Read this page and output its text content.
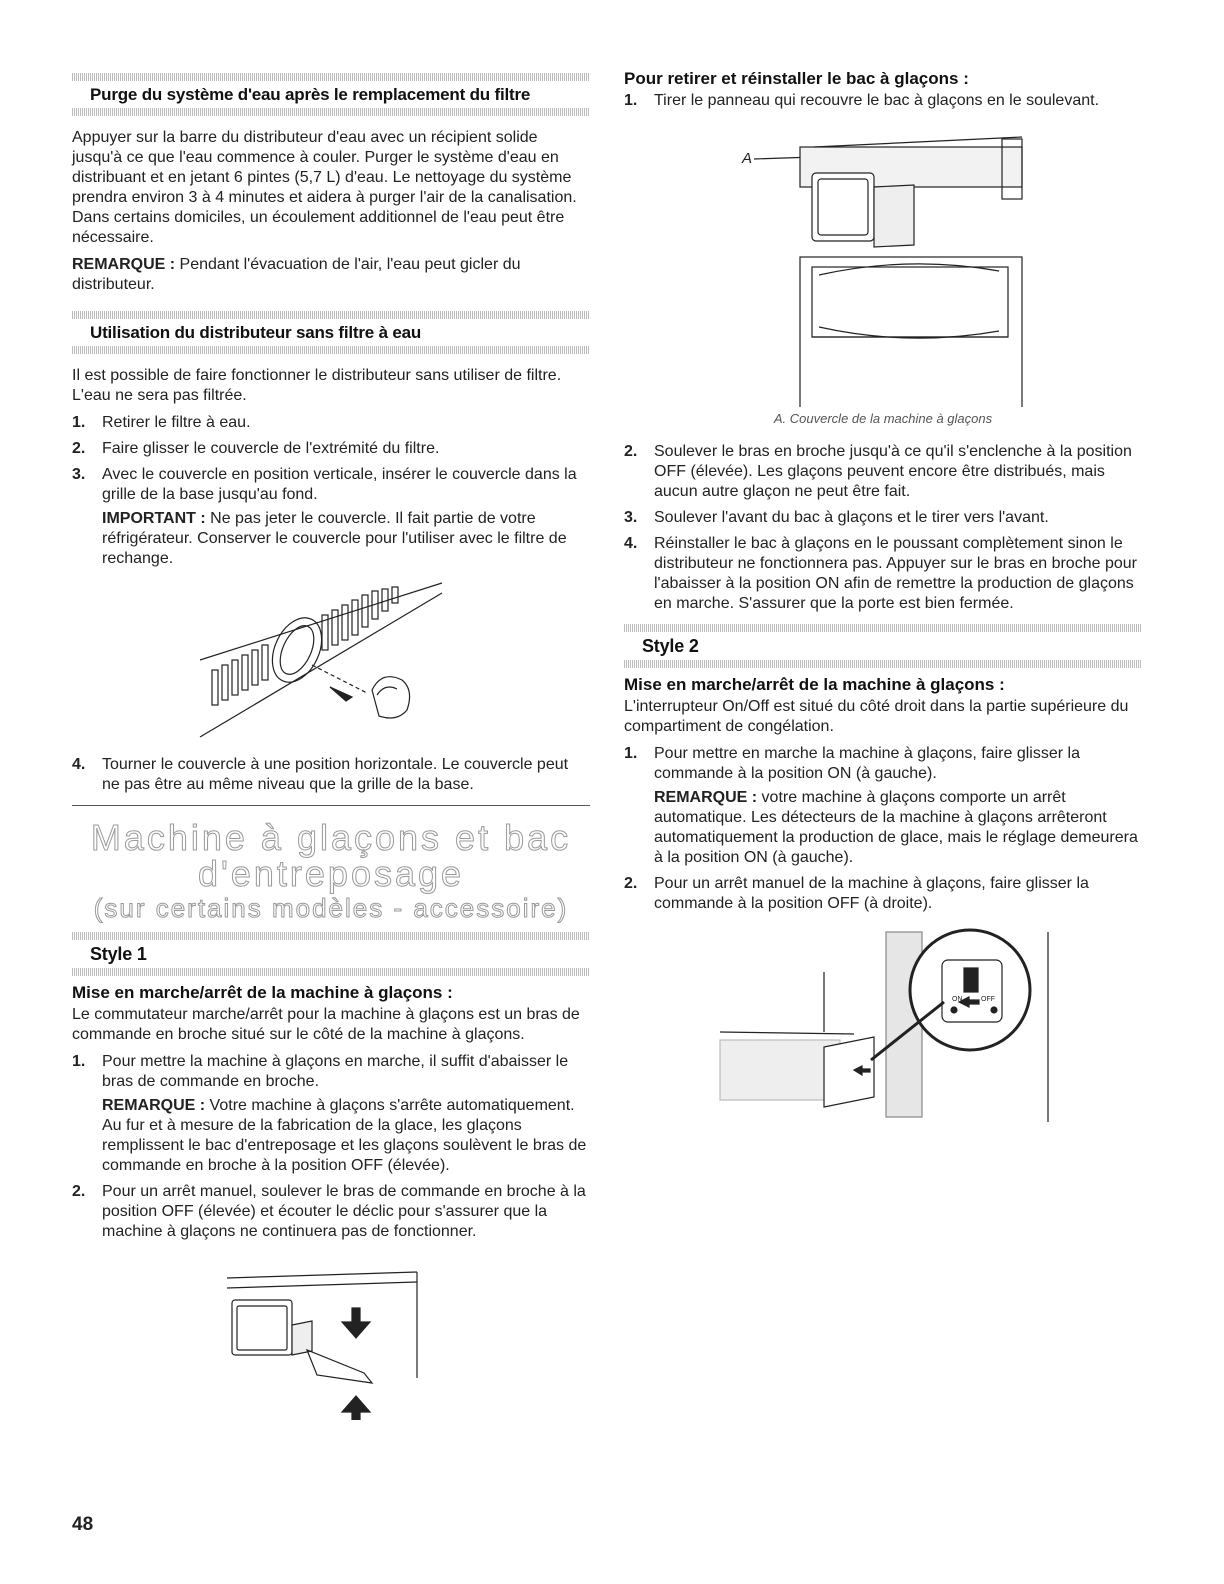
Purge du système d'eau après le remplacement du filtre

Appuyer sur la barre du distributeur d'eau avec un récipient solide jusqu'à ce que l'eau commence à couler. Purger le système d'eau en distribuant et en jetant 6 pintes (5,7 L) d'eau. Le nettoyage du système prendra environ 3 à 4 minutes et aidera à purger l'air de la canalisation. Dans certains domiciles, un écoulement additionnel de l'eau peut être nécessaire.

REMARQUE : Pendant l'évacuation de l'air, l'eau peut gicler du distributeur.

Utilisation du distributeur sans filtre à eau

Il est possible de faire fonctionner le distributeur sans utiliser de filtre. L'eau ne sera pas filtrée.

1. Retirer le filtre à eau.
2. Faire glisser le couvercle de l'extrémité du filtre.
3. Avec le couvercle en position verticale, insérer le couvercle dans la grille de la base jusqu'au fond.

IMPORTANT : Ne pas jeter le couvercle. Il fait partie de votre réfrigérateur. Conserver le couvercle pour l'utiliser avec le filtre de rechange.

4. Tourner le couvercle à une position horizontale. Le couvercle peut ne pas être au même niveau que la grille de la base.
Machine à glaçons et bac
d'entreposage
(sur certains modèles - accessoire)
Style 1
Mise en marche/arrêt de la machine à glaçons :

Le commutateur marche/arrêt pour la machine à glaçons est un bras de commande en broche situé sur le côté de la machine à glaçons.

1. Pour mettre la machine à glaçons en marche, il suffit d'abaisser le bras de commande en broche.

REMARQUE : Votre machine à glaçons s'arrête automatiquement. Au fur et à mesure de la fabrication de la glace, les glaçons remplissent le bac d'entreposage et les glaçons soulèvent le bras de commande en broche à la position OFF (élevée).

2. Pour un arrêt manuel, soulever le bras de commande en broche à la position OFF (élevée) et écouter le déclic pour s'assurer que la machine à glaçons ne continuera pas de fonctionner.
Pour retirer et réinstaller le bac à glaçons :
1. Tirer le panneau qui recouvre le bac à glaçons en le soulevant.
A
A. Couvercle de la machine à glaçons
2. Soulever le bras en broche jusqu'à ce qu'il s'enclenche à la position OFF (élevée). Les glaçons peuvent encore être distribués, mais aucun autre glaçon ne peut être fait.
3. Soulever l'avant du bac à glaçons et le tirer vers l'avant.
4. Réinstaller le bac à glaçons en le poussant complètement sinon le distributeur ne fonctionnera pas. Appuyer sur le bras en broche pour l'abaisser à la position ON afin de remettre la production de glaçons en marche. S'assurer que la porte est bien fermée.
Style 2
Mise en marche/arrêt de la machine à glaçons :

L'interrupteur On/Off est situé du côté droit dans la partie supérieure du compartiment de congélation.

1. Pour mettre en marche la machine à glaçons, faire glisser la commande à la position ON (à gauche).

REMARQUE : votre machine à glaçons comporte un arrêt automatique. Les détecteurs de la machine à glaçons arrêteront automatiquement la production de glace, mais le réglage demeurera à la position ON (à gauche).

2. Pour un arrêt manuel de la machine à glaçons, faire glisser la commande à la position OFF (à droite).
ON	OFF
48
